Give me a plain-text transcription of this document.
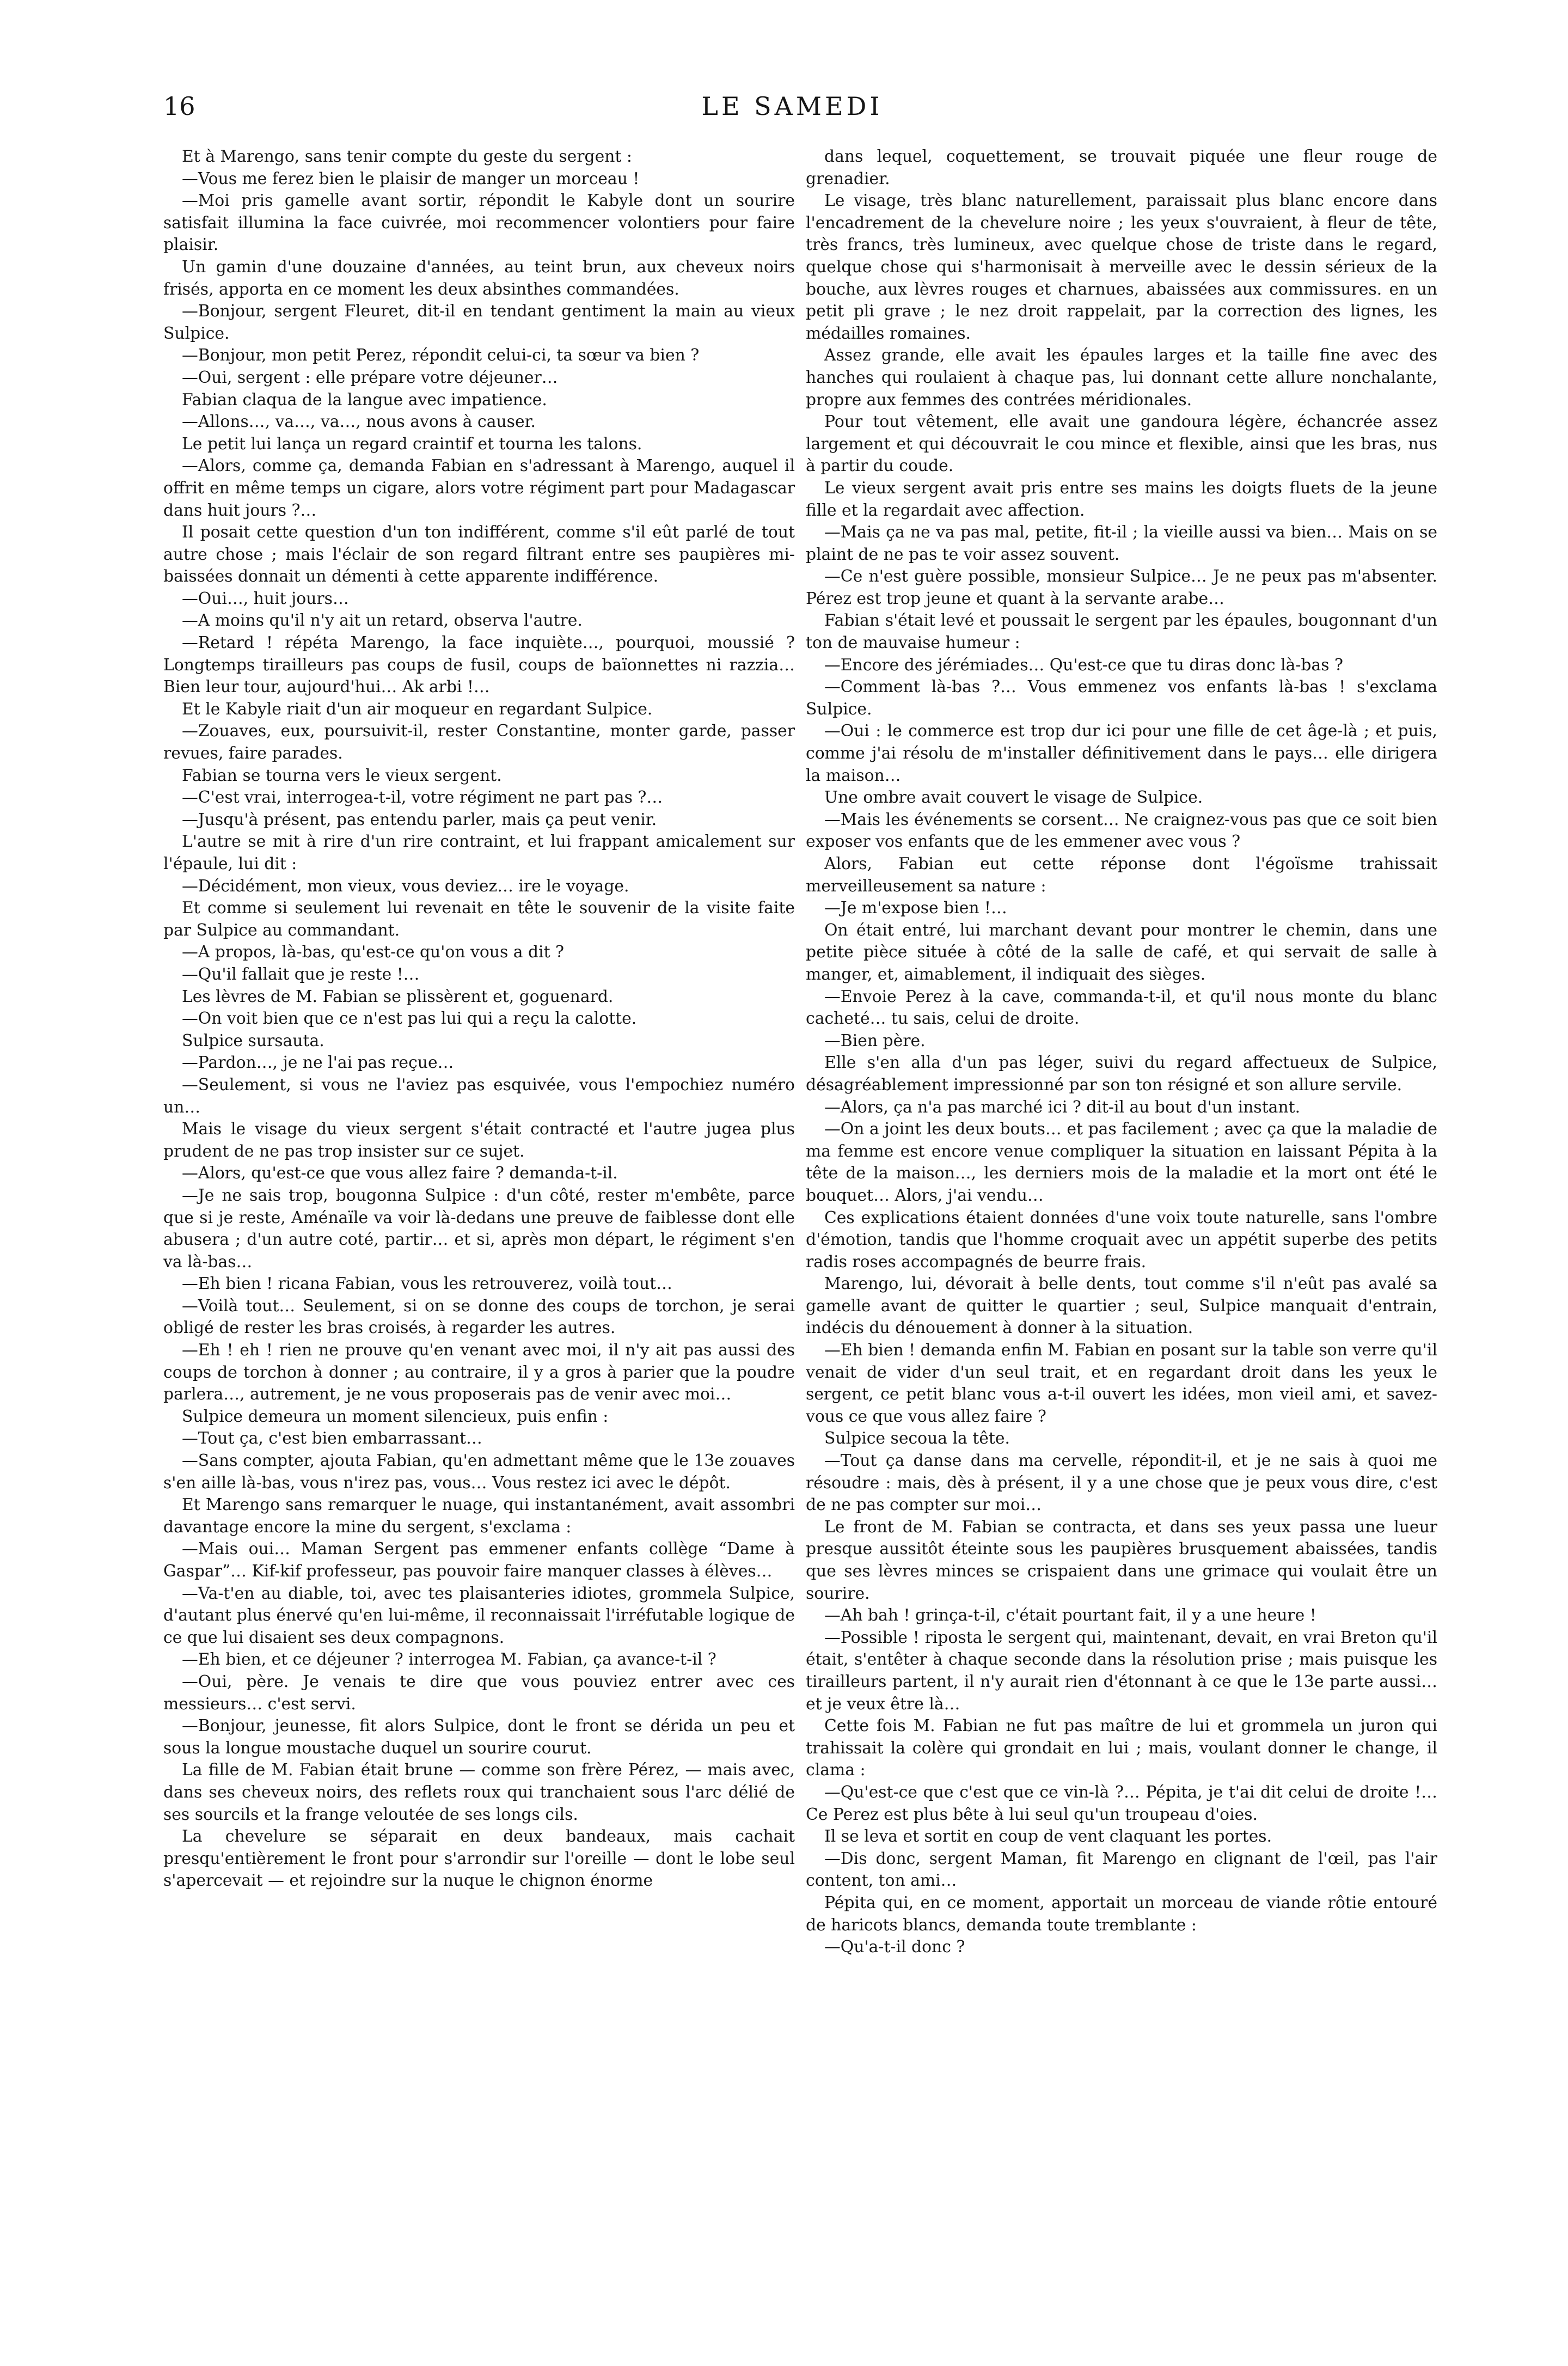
16	LE SAMEDI

Et à Marengo, sans tenir compte du geste du sergent :

—Vous me ferez bien le plaisir de manger un morceau !

—Moi pris gamelle avant sortir, répondit le Kabyle dont un sourire satisfait illumina la face cuivrée, moi recommencer volontiers pour faire plaisir.

Un gamin d'une douzaine d'années, au teint brun, aux cheveux noirs frisés, apporta en ce moment les deux absinthes commandées.

—Bonjour, sergent Fleuret, dit-il en tendant gentiment la main au vieux Sulpice.

—Bonjour, mon petit Perez, répondit celui-ci, ta sœur va bien ?

—Oui, sergent : elle prépare votre déjeuner…

Fabian claqua de la langue avec impatience.

—Allons…, va…, va…, nous avons à causer.

Le petit lui lança un regard craintif et tourna les talons.

—Alors, comme ça, demanda Fabian en s'adressant à Marengo, auquel il offrit en même temps un cigare, alors votre régiment part pour Madagascar dans huit jours ?…

Il posait cette question d'un ton indifférent, comme s'il eût parlé de tout autre chose ; mais l'éclair de son regard filtrant entre ses paupières mi-baissées donnait un démenti à cette apparente indifférence.

—Oui…, huit jours…

—A moins qu'il n'y ait un retard, observa l'autre.

—Retard ! répéta Marengo, la face inquiète…, pourquoi, moussié ? Longtemps tirailleurs pas coups de fusil, coups de baïonnettes ni razzia… Bien leur tour, aujourd'hui… Ak arbi !…

Et le Kabyle riait d'un air moqueur en regardant Sulpice.

—Zouaves, eux, poursuivit-il, rester Constantine, monter garde, passer revues, faire parades.

Fabian se tourna vers le vieux sergent.

—C'est vrai, interrogea-t-il, votre régiment ne part pas ?…

—Jusqu'à présent, pas entendu parler, mais ça peut venir.

L'autre se mit à rire d'un rire contraint, et lui frappant amicalement sur l'épaule, lui dit :

—Décidément, mon vieux, vous deviez… ire le voyage.

Et comme si seulement lui revenait en tête le souvenir de la visite faite par Sulpice au commandant.

—A propos, là-bas, qu'est-ce qu'on vous a dit ?

—Qu'il fallait que je reste !…

Les lèvres de M. Fabian se plissèrent et, goguenard.

—On voit bien que ce n'est pas lui qui a reçu la calotte.

Sulpice sursauta.

—Pardon…, je ne l'ai pas reçue…

—Seulement, si vous ne l'aviez pas esquivée, vous l'empochiez numéro un…

Mais le visage du vieux sergent s'était contracté et l'autre jugea plus prudent de ne pas trop insister sur ce sujet.

—Alors, qu'est-ce que vous allez faire ? demanda-t-il.

—Je ne sais trop, bougonna Sulpice : d'un côté, rester m'embête, parce que si je reste, Aménaïle va voir là-dedans une preuve de faiblesse dont elle abusera ; d'un autre coté, partir… et si, après mon départ, le régiment s'en va là-bas…

—Eh bien ! ricana Fabian, vous les retrouverez, voilà tout…

—Voilà tout… Seulement, si on se donne des coups de torchon, je serai obligé de rester les bras croisés, à regarder les autres.

—Eh ! eh ! rien ne prouve qu'en venant avec moi, il n'y ait pas aussi des coups de torchon à donner ; au contraire, il y a gros à parier que la poudre parlera…, autrement, je ne vous proposerais pas de venir avec moi…

Sulpice demeura un moment silencieux, puis enfin :

—Tout ça, c'est bien embarrassant…

—Sans compter, ajouta Fabian, qu'en admettant même que le 13e zouaves s'en aille là-bas, vous n'irez pas, vous… Vous restez ici avec le dépôt.

Et Marengo sans remarquer le nuage, qui instantanément, avait assombri davantage encore la mine du sergent, s'exclama :

—Mais oui… Maman Sergent pas emmener enfants collège “Dame à Gaspar”… Kif-kif professeur, pas pouvoir faire manquer classes à élèves…

—Va-t'en au diable, toi, avec tes plaisanteries idiotes, grommela Sulpice, d'autant plus énervé qu'en lui-même, il reconnaissait l'irréfutable logique de ce que lui disaient ses deux compagnons.

—Eh bien, et ce déjeuner ? interrogea M. Fabian, ça avance-t-il ?

—Oui, père. Je venais te dire que vous pouviez entrer avec ces messieurs… c'est servi.

—Bonjour, jeunesse, fit alors Sulpice, dont le front se dérida un peu et sous la longue moustache duquel un sourire courut.

La fille de M. Fabian était brune — comme son frère Pérez, — mais avec, dans ses cheveux noirs, des reflets roux qui tranchaient sous l'arc délié de ses sourcils et la frange veloutée de ses longs cils.

La chevelure se séparait en deux bandeaux, mais cachait presqu'entièrement le front pour s'arrondir sur l'oreille — dont le lobe seul s'apercevait — et rejoindre sur la nuque le chignon énorme

dans lequel, coquettement, se trouvait piquée une fleur rouge de grenadier.

Le visage, très blanc naturellement, paraissait plus blanc encore dans l'encadrement de la chevelure noire ; les yeux s'ouvraient, à fleur de tête, très francs, très lumineux, avec quelque chose de triste dans le regard, quelque chose qui s'harmonisait à merveille avec le dessin sérieux de la bouche, aux lèvres rouges et charnues, abaissées aux commissures. en un petit pli grave ; le nez droit rappelait, par la correction des lignes, les médailles romaines.

Assez grande, elle avait les épaules larges et la taille fine avec des hanches qui roulaient à chaque pas, lui donnant cette allure nonchalante, propre aux femmes des contrées méridionales.

Pour tout vêtement, elle avait une gandoura légère, échancrée assez largement et qui découvrait le cou mince et flexible, ainsi que les bras, nus à partir du coude.

Le vieux sergent avait pris entre ses mains les doigts fluets de la jeune fille et la regardait avec affection.

—Mais ça ne va pas mal, petite, fit-il ; la vieille aussi va bien… Mais on se plaint de ne pas te voir assez souvent.

—Ce n'est guère possible, monsieur Sulpice… Je ne peux pas m'absenter. Pérez est trop jeune et quant à la servante arabe…

Fabian s'était levé et poussait le sergent par les épaules, bougonnant d'un ton de mauvaise humeur :

—Encore des jérémiades… Qu'est-ce que tu diras donc là-bas ?

—Comment là-bas ?… Vous emmenez vos enfants là-bas ! s'exclama Sulpice.

—Oui : le commerce est trop dur ici pour une fille de cet âge-là ; et puis, comme j'ai résolu de m'installer définitivement dans le pays… elle dirigera la maison…

Une ombre avait couvert le visage de Sulpice.

—Mais les événements se corsent… Ne craignez-vous pas que ce soit bien exposer vos enfants que de les emmener avec vous ?

Alors, Fabian eut cette réponse dont l'égoïsme trahissait merveilleusement sa nature :

—Je m'expose bien !…

On était entré, lui marchant devant pour montrer le chemin, dans une petite pièce située à côté de la salle de café, et qui servait de salle à manger, et, aimablement, il indiquait des sièges.

—Envoie Perez à la cave, commanda-t-il, et qu'il nous monte du blanc cacheté… tu sais, celui de droite.

—Bien père.

Elle s'en alla d'un pas léger, suivi du regard affectueux de Sulpice, désagréablement impressionné par son ton résigné et son allure servile.

—Alors, ça n'a pas marché ici ? dit-il au bout d'un instant.

—On a joint les deux bouts… et pas facilement ; avec ça que la maladie de ma femme est encore venue compliquer la situation en laissant Pépita à la tête de la maison…, les derniers mois de la maladie et la mort ont été le bouquet… Alors, j'ai vendu…

Ces explications étaient données d'une voix toute naturelle, sans l'ombre d'émotion, tandis que l'homme croquait avec un appétit superbe des petits radis roses accompagnés de beurre frais.

Marengo, lui, dévorait à belle dents, tout comme s'il n'eût pas avalé sa gamelle avant de quitter le quartier ; seul, Sulpice manquait d'entrain, indécis du dénouement à donner à la situation.

—Eh bien ! demanda enfin M. Fabian en posant sur la table son verre qu'il venait de vider d'un seul trait, et en regardant droit dans les yeux le sergent, ce petit blanc vous a-t-il ouvert les idées, mon vieil ami, et savez-vous ce que vous allez faire ?

Sulpice secoua la tête.

—Tout ça danse dans ma cervelle, répondit-il, et je ne sais à quoi me résoudre : mais, dès à présent, il y a une chose que je peux vous dire, c'est de ne pas compter sur moi…

Le front de M. Fabian se contracta, et dans ses yeux passa une lueur presque aussitôt éteinte sous les paupières brusquement abaissées, tandis que ses lèvres minces se crispaient dans une grimace qui voulait être un sourire.

—Ah bah ! grinça-t-il, c'était pourtant fait, il y a une heure !

—Possible ! riposta le sergent qui, maintenant, devait, en vrai Breton qu'il était, s'entêter à chaque seconde dans la résolution prise ; mais puisque les tirailleurs partent, il n'y aurait rien d'étonnant à ce que le 13e parte aussi… et je veux être là…

Cette fois M. Fabian ne fut pas maître de lui et grommela un juron qui trahissait la colère qui grondait en lui ; mais, voulant donner le change, il clama :

—Qu'est-ce que c'est que ce vin-là ?… Pépita, je t'ai dit celui de droite !… Ce Perez est plus bête à lui seul qu'un troupeau d'oies.

Il se leva et sortit en coup de vent claquant les portes.

—Dis donc, sergent Maman, fit Marengo en clignant de l'œil, pas l'air content, ton ami…

Pépita qui, en ce moment, apportait un morceau de viande rôtie entouré de haricots blancs, demanda toute tremblante :

—Qu'a-t-il donc ?
